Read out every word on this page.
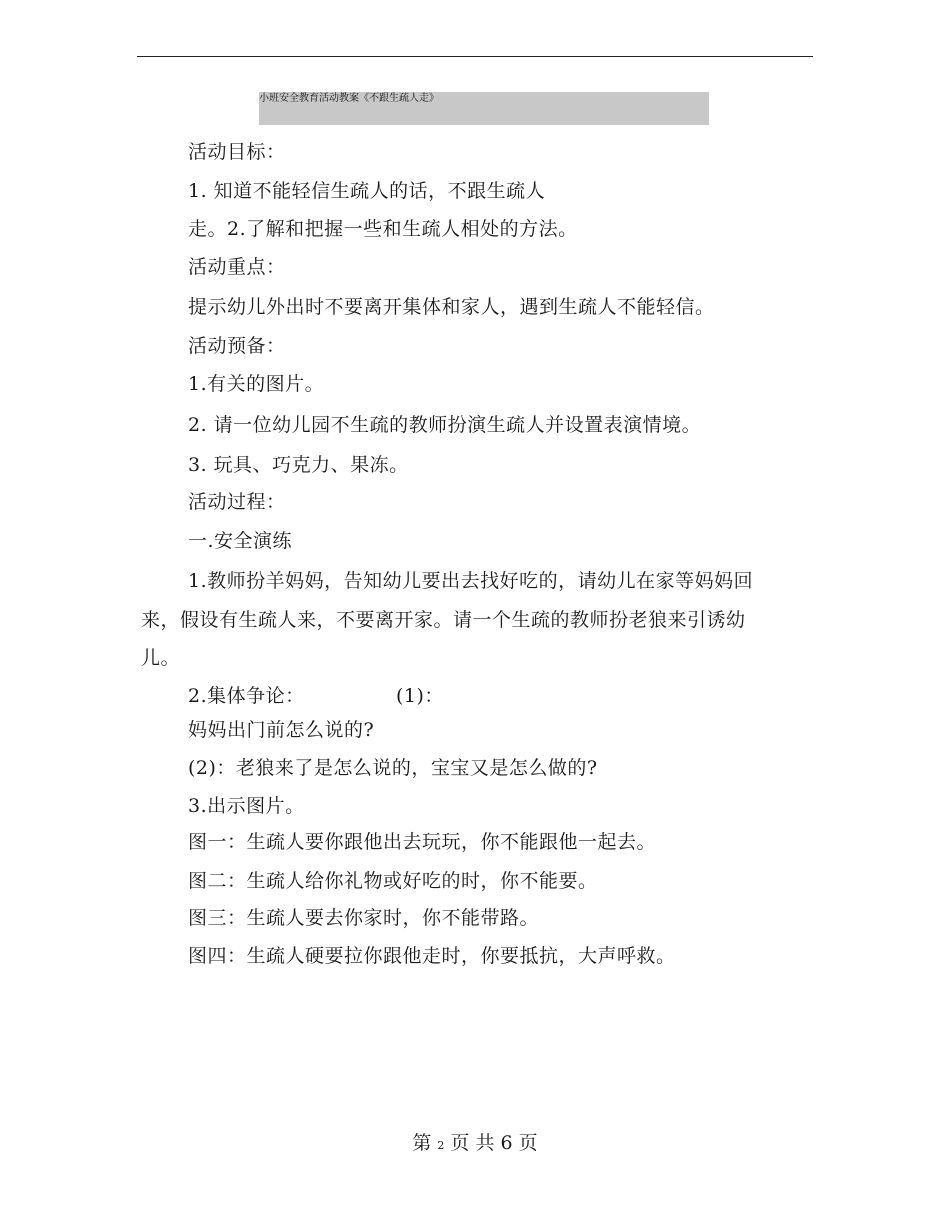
小班安全教育活动教案《不跟生疏人走》
活动目标：
1. 知道不能轻信生疏人的话，不跟生疏人
走。2.了解和把握一些和生疏人相处的方法。
活动重点：
提示幼儿外出时不要离开集体和家人，遇到生疏人不能轻信。
活动预备：
1.有关的图片。
2. 请一位幼儿园不生疏的教师扮演生疏人并设置表演情境。
3. 玩具、巧克力、果冻。
活动过程：
一.安全演练
1.教师扮羊妈妈，告知幼儿要出去找好吃的，请幼儿在家等妈妈回
来，假设有生疏人来，不要离开家。请一个生疏的教师扮老狼来引诱幼
儿。
2.集体争论：	(1)：
妈妈出门前怎么说的?
(2)：老狼来了是怎么说的，宝宝又是怎么做的?
3.出示图片。
图一：生疏人要你跟他出去玩玩，你不能跟他一起去。
图二：生疏人给你礼物或好吃的时，你不能要。
图三：生疏人要去你家时，你不能带路。
图四：生疏人硬要拉你跟他走时，你要抵抗，大声呼救。
第 2 页 共 6 页
